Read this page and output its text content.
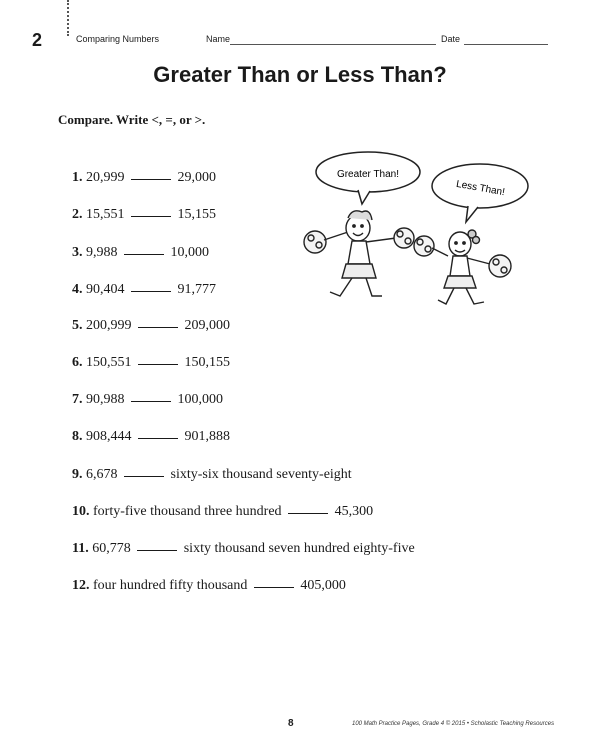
2	Comparing Numbers	Name	Date
Greater Than or Less Than?
Compare. Write <, =, or >.
1. 20,999	29,000
2. 15,551	15,155
3. 9,988	10,000
4. 90,404	91,777
5. 200,999	209,000
6. 150,551	150,155
7. 90,988	100,000
8. 908,444	901,888
9. 6,678	sixty-six thousand seventy-eight
10. forty-five thousand three hundred	45,300
11. 60,778	sixty thousand seven hundred eighty-five
12. four hundred fifty thousand	405,000
Greater Than!
Less Than!
8	100 Math Practice Pages, Grade 4 © 2015 • Scholastic Teaching Resources
